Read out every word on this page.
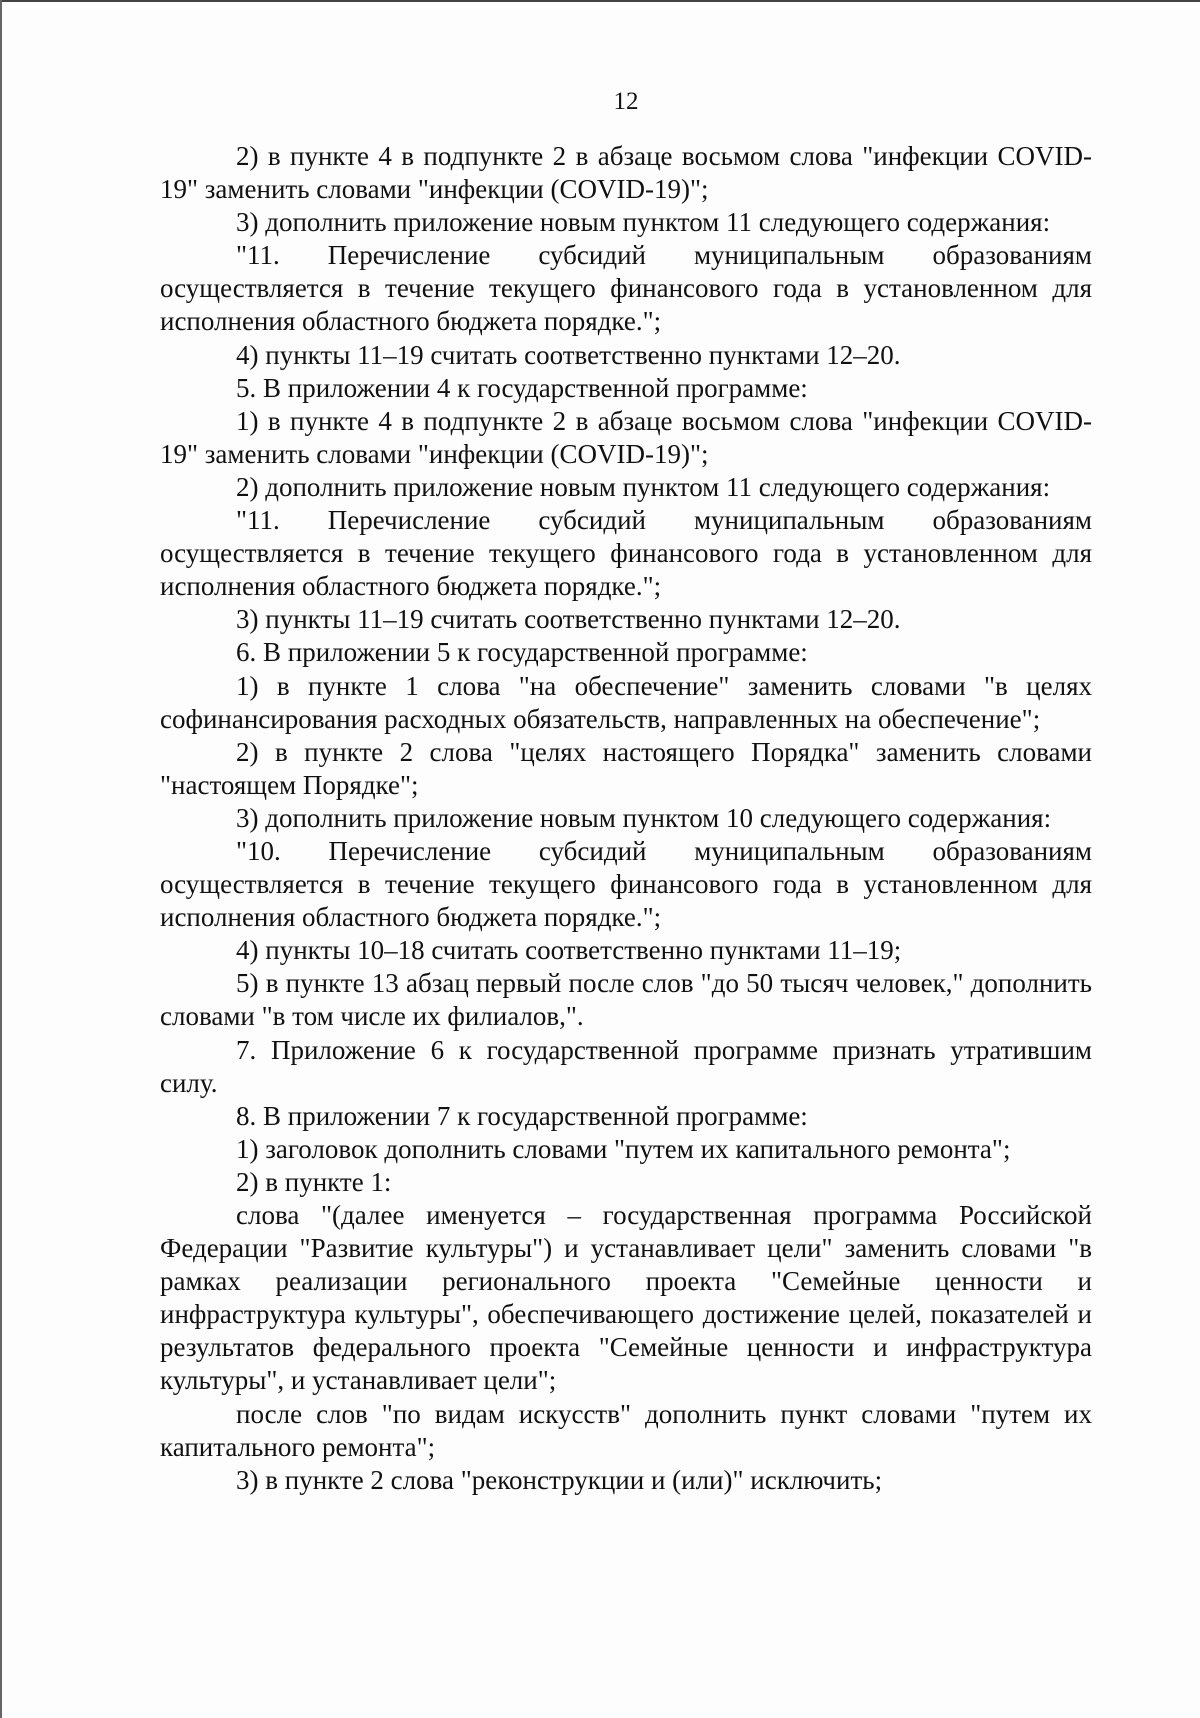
12

2) в пункте 4 в подпункте 2 в абзаце восьмом слова "инфекции COVID-19" заменить словами "инфекции (COVID-19)";

3) дополнить приложение новым пунктом 11 следующего содержания:

"11. Перечисление субсидий муниципальным образованиям осуществляется в течение текущего финансового года в установленном для исполнения областного бюджета порядке.";

4) пункты 11–19 считать соответственно пунктами 12–20.

5. В приложении 4 к государственной программе:

1) в пункте 4 в подпункте 2 в абзаце восьмом слова "инфекции COVID-19" заменить словами "инфекции (COVID-19)";

2) дополнить приложение новым пунктом 11 следующего содержания:

"11. Перечисление субсидий муниципальным образованиям осуществляется в течение текущего финансового года в установленном для исполнения областного бюджета порядке.";

3) пункты 11–19 считать соответственно пунктами 12–20.

6. В приложении 5 к государственной программе:

1) в пункте 1 слова "на обеспечение" заменить словами "в целях софинансирования расходных обязательств, направленных на обеспечение";

2) в пункте 2 слова "целях настоящего Порядка" заменить словами "настоящем Порядке";

3) дополнить приложение новым пунктом 10 следующего содержания:

"10. Перечисление субсидий муниципальным образованиям осуществляется в течение текущего финансового года в установленном для исполнения областного бюджета порядке.";

4) пункты 10–18 считать соответственно пунктами 11–19;

5) в пункте 13 абзац первый после слов "до 50 тысяч человек," дополнить словами "в том числе их филиалов,".

7. Приложение 6 к государственной программе признать утратившим силу.

8. В приложении 7 к государственной программе:

1) заголовок дополнить словами "путем их капитального ремонта";

2) в пункте 1:

слова "(далее именуется – государственная программа Российской Федерации "Развитие культуры") и устанавливает цели" заменить словами "в рамках реализации регионального проекта "Семейные ценности и инфраструктура культуры", обеспечивающего достижение целей, показателей и результатов федерального проекта "Семейные ценности и инфраструктура культуры", и устанавливает цели";

после слов "по видам искусств" дополнить пункт словами "путем их капитального ремонта";

3) в пункте 2 слова "реконструкции и (или)" исключить;
